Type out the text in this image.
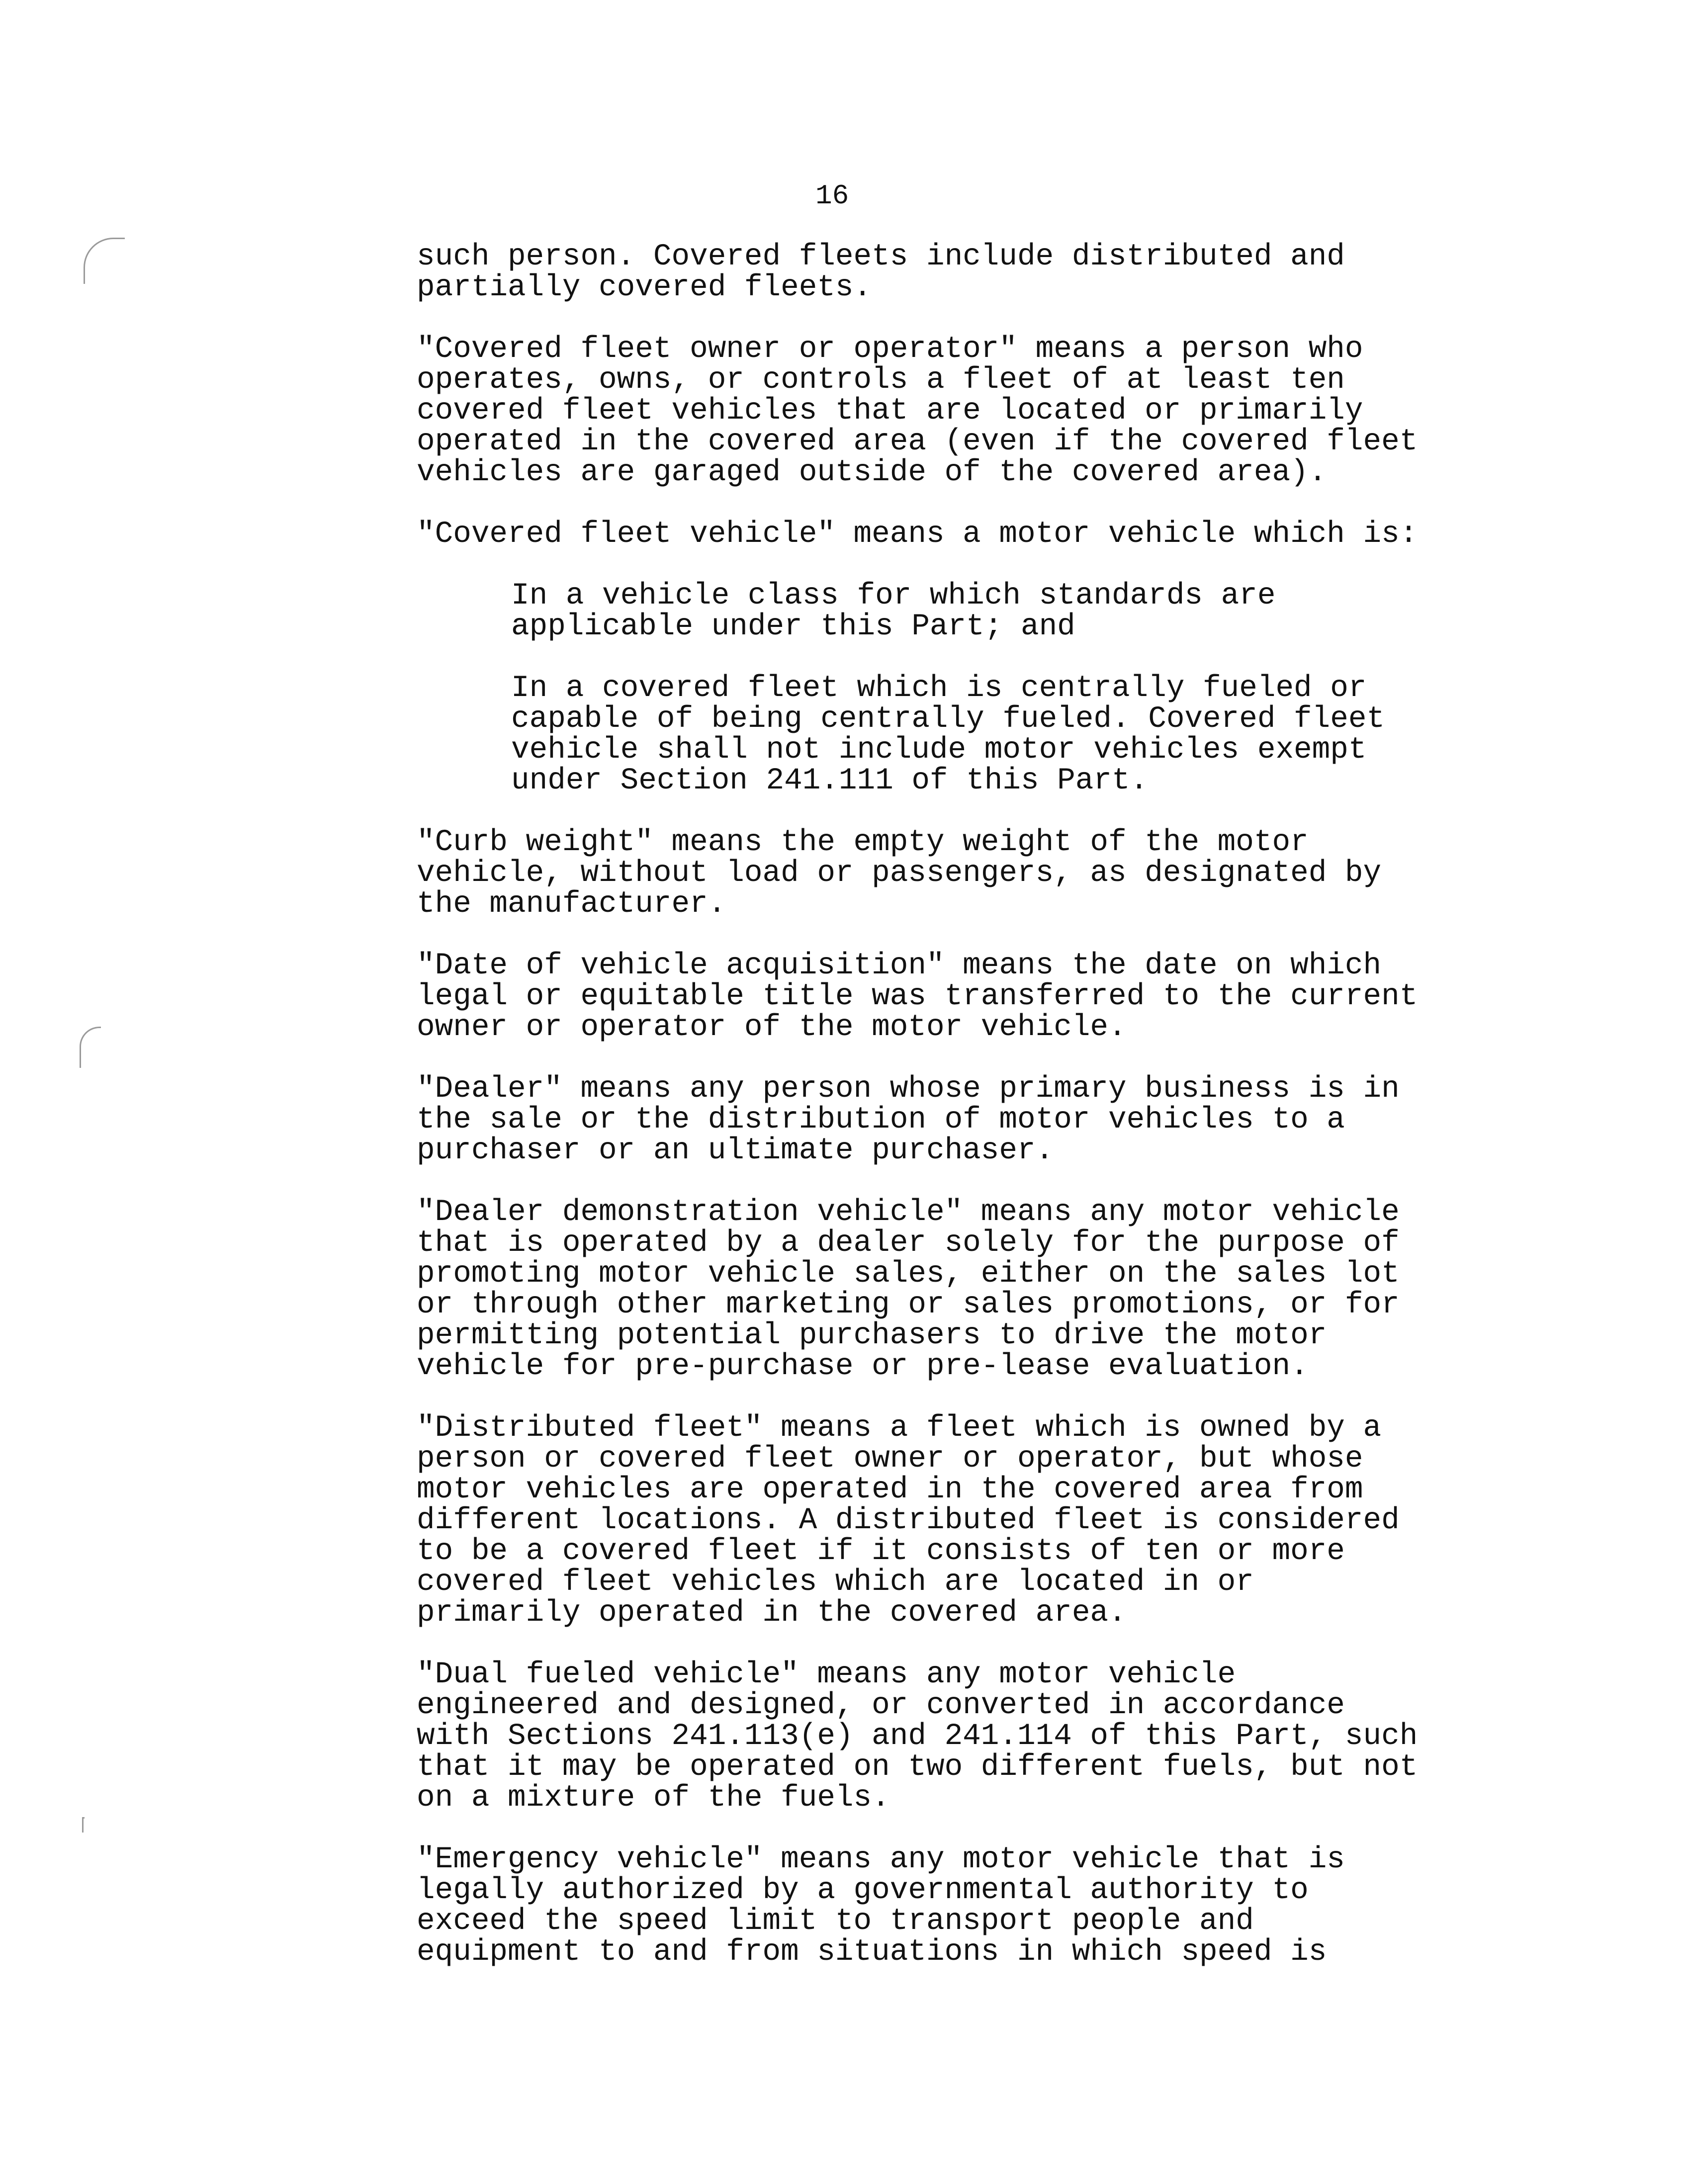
16

such person. Covered fleets include distributed and
partially covered fleets.

"Covered fleet owner or operator" means a person who
operates, owns, or controls a fleet of at least ten
covered fleet vehicles that are located or primarily
operated in the covered area (even if the covered fleet
vehicles are garaged outside of the covered area).

"Covered fleet vehicle" means a motor vehicle which is:

In a vehicle class for which standards are
applicable under this Part; and

In a covered fleet which is centrally fueled or
capable of being centrally fueled. Covered fleet
vehicle shall not include motor vehicles exempt
under Section 241.111 of this Part.

"Curb weight" means the empty weight of the motor
vehicle, without load or passengers, as designated by
the manufacturer.

"Date of vehicle acquisition" means the date on which
legal or equitable title was transferred to the current
owner or operator of the motor vehicle.

"Dealer" means any person whose primary business is in
the sale or the distribution of motor vehicles to a
purchaser or an ultimate purchaser.

"Dealer demonstration vehicle" means any motor vehicle
that is operated by a dealer solely for the purpose of
promoting motor vehicle sales, either on the sales lot
or through other marketing or sales promotions, or for
permitting potential purchasers to drive the motor
vehicle for pre-purchase or pre-lease evaluation.

"Distributed fleet" means a fleet which is owned by a
person or covered fleet owner or operator, but whose
motor vehicles are operated in the covered area from
different locations. A distributed fleet is considered
to be a covered fleet if it consists of ten or more
covered fleet vehicles which are located in or
primarily operated in the covered area.

"Dual fueled vehicle" means any motor vehicle
engineered and designed, or converted in accordance
with Sections 241.113(e) and 241.114 of this Part, such
that it may be operated on two different fuels, but not
on a mixture of the fuels.

"Emergency vehicle" means any motor vehicle that is
legally authorized by a governmental authority to
exceed the speed limit to transport people and
equipment to and from situations in which speed is
